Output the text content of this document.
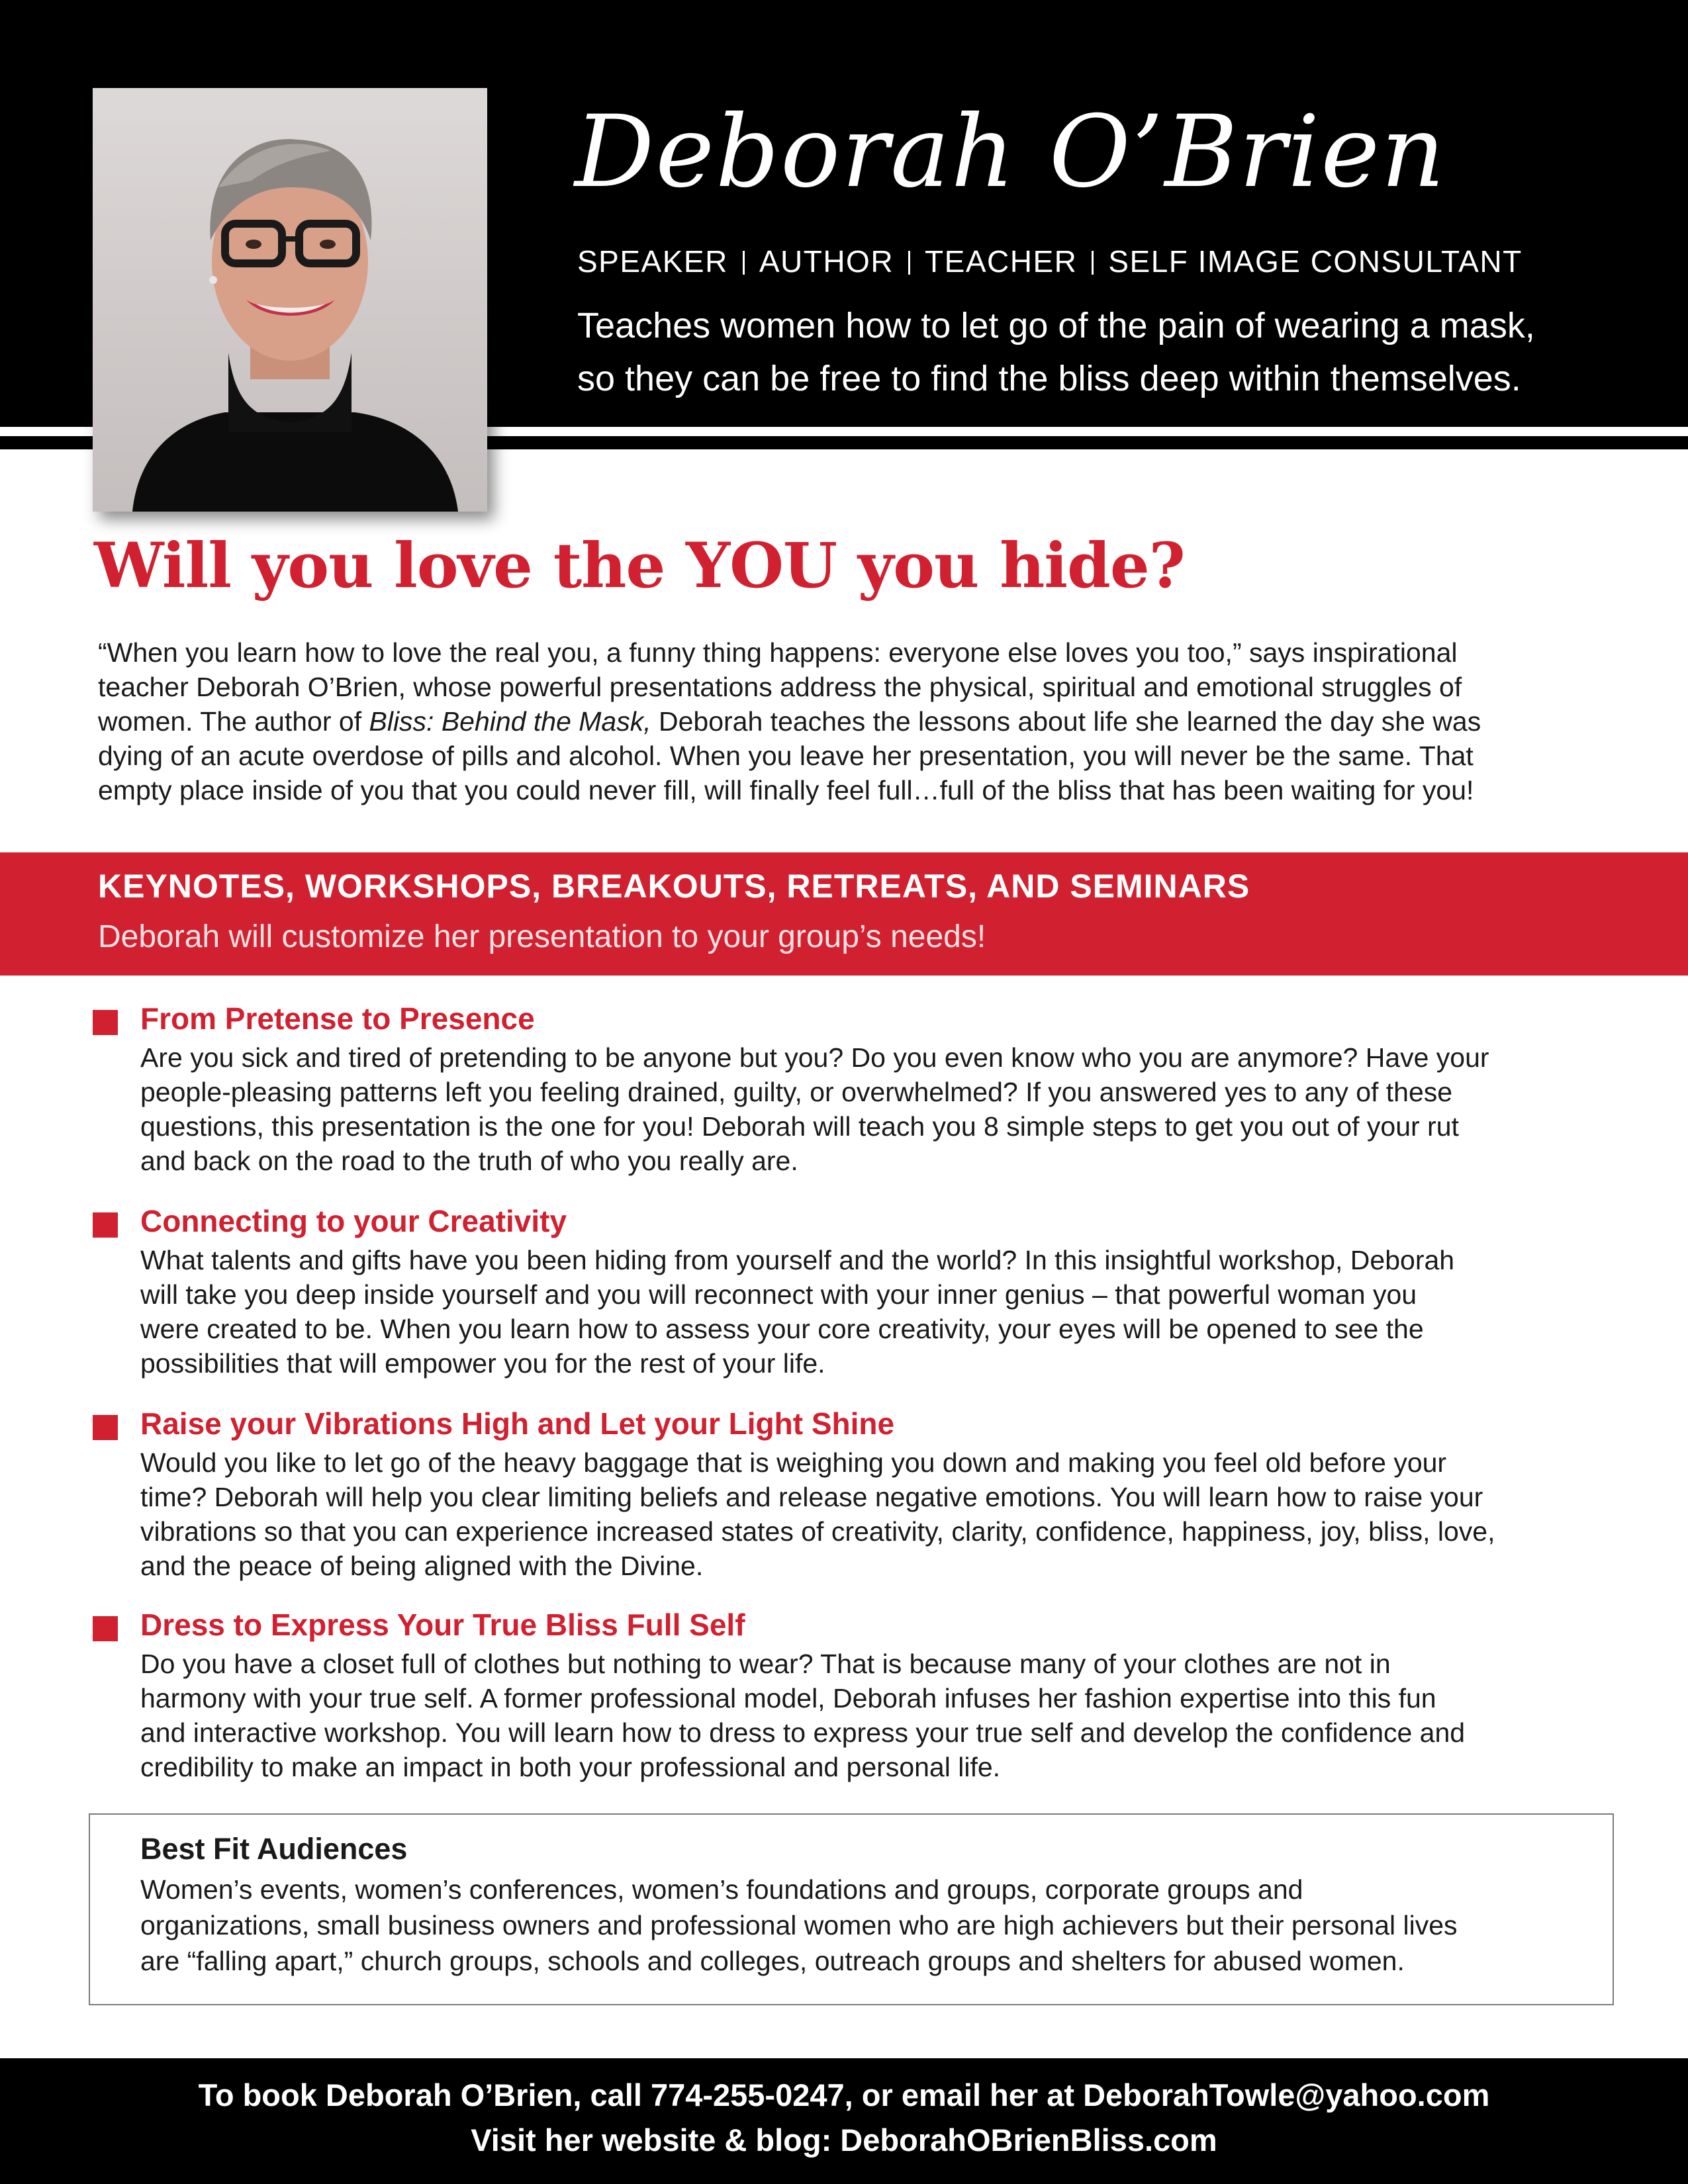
Deborah O’Brien
SPEAKER AUTHOR TEACHER SELF IMAGE CONSULTANT

Teaches women how to let go of the pain of wearing a mask,

so they can be free to find the bliss deep within themselves.

Will you love the YOU you hide?

“When you learn how to love the real you, a funny thing happens: everyone else loves you too,” says inspirational

teacher Deborah O’Brien, whose powerful presentations address the physical, spiritual and emotional struggles of

women. The author of Bliss: Behind the Mask, Deborah teaches the lessons about life she learned the day she was

dying of an acute overdose of pills and alcohol. When you leave her presentation, you will never be the same. That

empty place inside of you that you could never fill, will finally feel full…full of the bliss that has been waiting for you!

KEYNOTES, WORKSHOPS, BREAKOUTS, RETREATS, AND SEMINARS
Deborah will customize her presentation to your group’s needs!
From Pretense to Presence

Are you sick and tired of pretending to be anyone but you? Do you even know who you are anymore? Have your

people-pleasing patterns left you feeling drained, guilty, or overwhelmed? If you answered yes to any of these

questions, this presentation is the one for you! Deborah will teach you 8 simple steps to get you out of your rut

and back on the road to the truth of who you really are.

Connecting to your Creativity

What talents and gifts have you been hiding from yourself and the world? In this insightful workshop, Deborah

will take you deep inside yourself and you will reconnect with your inner genius – that powerful woman you

were created to be. When you learn how to assess your core creativity, your eyes will be opened to see the

possibilities that will empower you for the rest of your life.

Raise your Vibrations High and Let your Light Shine

Would you like to let go of the heavy baggage that is weighing you down and making you feel old before your

time? Deborah will help you clear limiting beliefs and release negative emotions. You will learn how to raise your

vibrations so that you can experience increased states of creativity, clarity, confidence, happiness, joy, bliss, love,

and the peace of being aligned with the Divine.

Dress to Express Your True Bliss Full Self

Do you have a closet full of clothes but nothing to wear? That is because many of your clothes are not in

harmony with your true self. A former professional model, Deborah infuses her fashion expertise into this fun

and interactive workshop. You will learn how to dress to express your true self and develop the confidence and

credibility to make an impact in both your professional and personal life.

Best Fit Audiences

Women’s events, women’s conferences, women’s foundations and groups, corporate groups and

organizations, small business owners and professional women who are high achievers but their personal lives

are “falling apart,” church groups, schools and colleges, outreach groups and shelters for abused women.

To book Deborah O’Brien, call 774-255-0247, or email her at DeborahTowle@yahoo.com
Visit her website & blog: DeborahOBrienBliss.com
